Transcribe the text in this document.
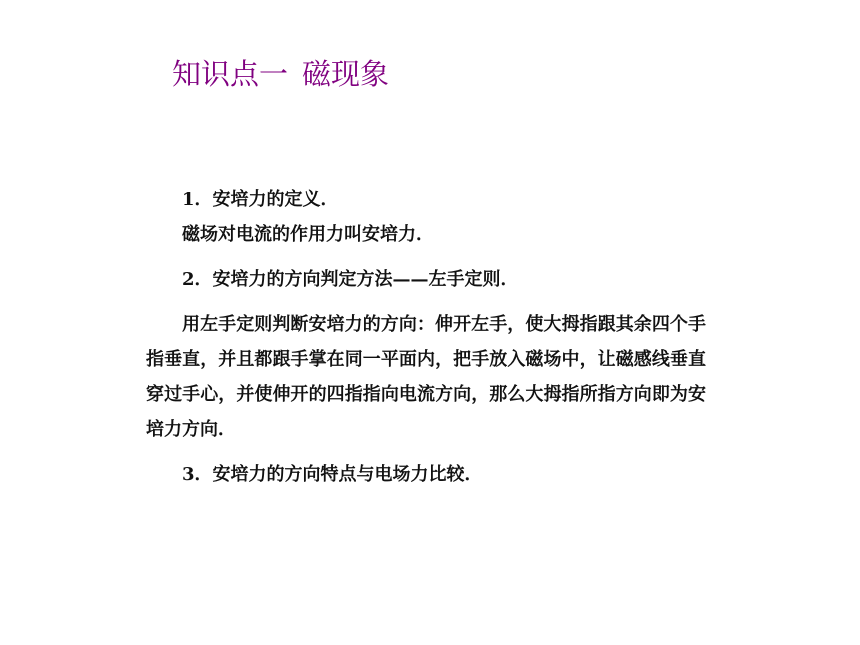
知识点一 磁现象

1．安培力的定义．

磁场对电流的作用力叫安培力．

2．安培力的方向判定方法——左手定则．

用左手定则判断安培力的方向：伸开左手，使大拇指跟其余四个手指垂直，并且都跟手掌在同一平面内，把手放入磁场中，让磁感线垂直穿过手心，并使伸开的四指指向电流方向，那么大拇指所指方向即为安培力方向．

3．安培力的方向特点与电场力比较．
